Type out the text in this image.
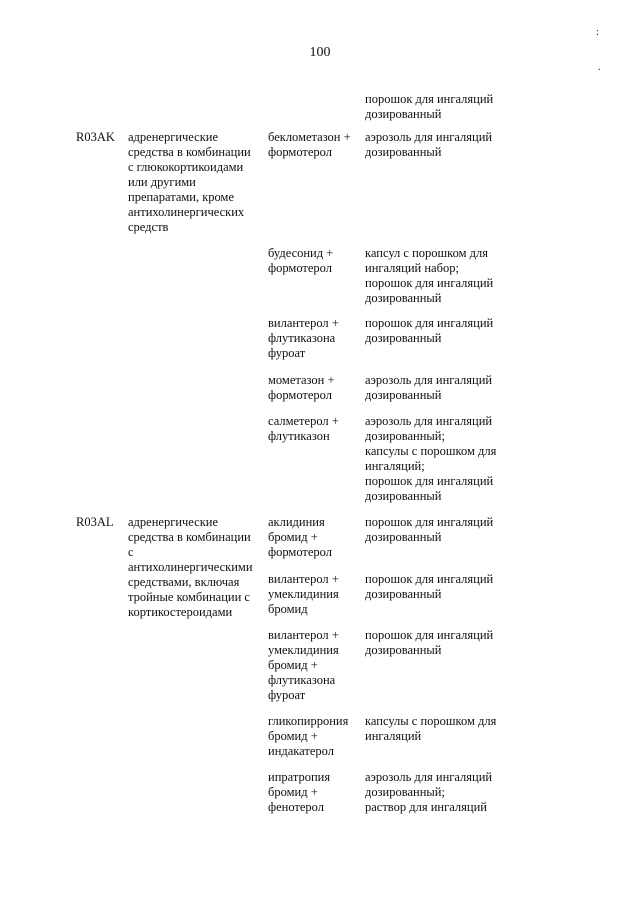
100
:
.
порошок для ингаляций
дозированный
R03AK адренергические
средства в комбинации
с глюкокортикоидами
или другими
препаратами, кроме
антихолинергических
средств
беклометазон +
формотерол
аэрозоль для ингаляций
дозированный
будесонид +
формотерол
капсул с порошком для
ингаляций набор;
порошок для ингаляций
дозированный
вилантерол +
флутиказона
фуроат
порошок для ингаляций
дозированный
мометазон +
формотерол
аэрозоль для ингаляций
дозированный
салметерол +
флутиказон
аэрозоль для ингаляций
дозированный;
капсулы с порошком для
ингаляций;
порошок для ингаляций
дозированный
R03AL адренергические
средства в комбинации
с
антихолинергическими
средствами, включая
тройные комбинации с
кортикостероидами
аклидиния
бромид +
формотерол
порошок для ингаляций
дозированный
вилантерол +
умеклидиния
бромид
порошок для ингаляций
дозированный
вилантерол +
умеклидиния
бромид +
флутиказона
фуроат
порошок для ингаляций
дозированный
гликопиррония
бромид +
индакатерол
капсулы с порошком для
ингаляций
ипратропия
бромид +
фенотерол
аэрозоль для ингаляций
дозированный;
раствор для ингаляций
